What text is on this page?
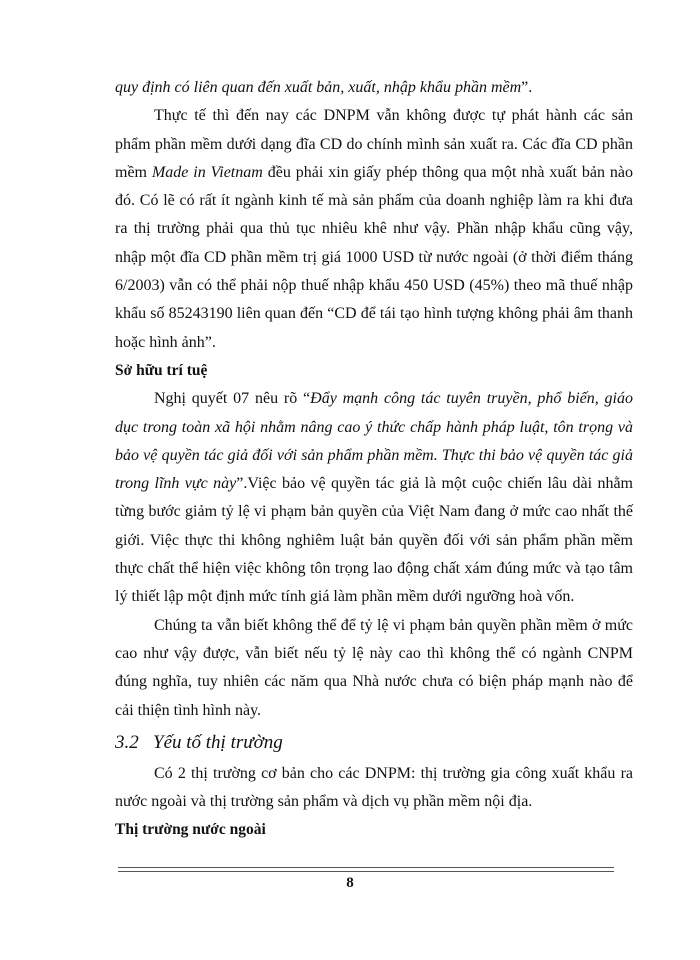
quy định có liên quan đến xuất bản, xuất, nhập khẩu phần mềm”.

Thực tế thì đến nay các DNPM vẫn không được tự phát hành các sản phẩm phần mềm dưới dạng đĩa CD do chính mình sản xuất ra. Các đĩa CD phần mềm Made in Vietnam đều phải xin giấy phép thông qua một nhà xuất bản nào đó. Có lẽ có rất ít ngành kinh tế mà sản phẩm của doanh nghiệp làm ra khi đưa ra thị trường phải qua thủ tục nhiêu khê như vậy. Phần nhập khẩu cũng vậy, nhập một đĩa CD phần mềm trị giá 1000 USD từ nước ngoài (ở thời điểm tháng 6/2003) vẫn có thể phải nộp thuế nhập khẩu 450 USD (45%) theo mã thuế nhập khẩu số 85243190 liên quan đến “CD để tái tạo hình tượng không phải âm thanh hoặc hình ảnh”.

Sở hữu trí tuệ

Nghị quyết 07 nêu rõ “Đẩy mạnh công tác tuyên truyền, phổ biến, giáo dục trong toàn xã hội nhằm nâng cao ý thức chấp hành pháp luật, tôn trọng và bảo vệ quyền tác giả đối với sản phẩm phần mềm. Thực thi bảo vệ quyền tác giả trong lĩnh vực này”.Việc bảo vệ quyền tác giả là một cuộc chiến lâu dài nhằm từng bước giảm tỷ lệ vi phạm bản quyền của Việt Nam đang ở mức cao nhất thế giới. Việc thực thi không nghiêm luật bản quyền đối với sản phẩm phần mềm thực chất thể hiện việc không tôn trọng lao động chất xám đúng mức và tạo tâm lý thiết lập một định mức tính giá làm phần mềm dưới ngưỡng hoà vốn.

Chúng ta vẫn biết không thể để tỷ lệ vi phạm bản quyền phần mềm ở mức cao như vậy được, vẫn biết nếu tỷ lệ này cao thì không thể có ngành CNPM đúng nghĩa, tuy nhiên các năm qua Nhà nước chưa có biện pháp mạnh nào để cải thiện tình hình này.

3.2 Yếu tố thị trường

Có 2 thị trường cơ bản cho các DNPM: thị trường gia công xuất khẩu ra nước ngoài và thị trường sản phẩm và dịch vụ phần mềm nội địa.

Thị trường nước ngoài

8
